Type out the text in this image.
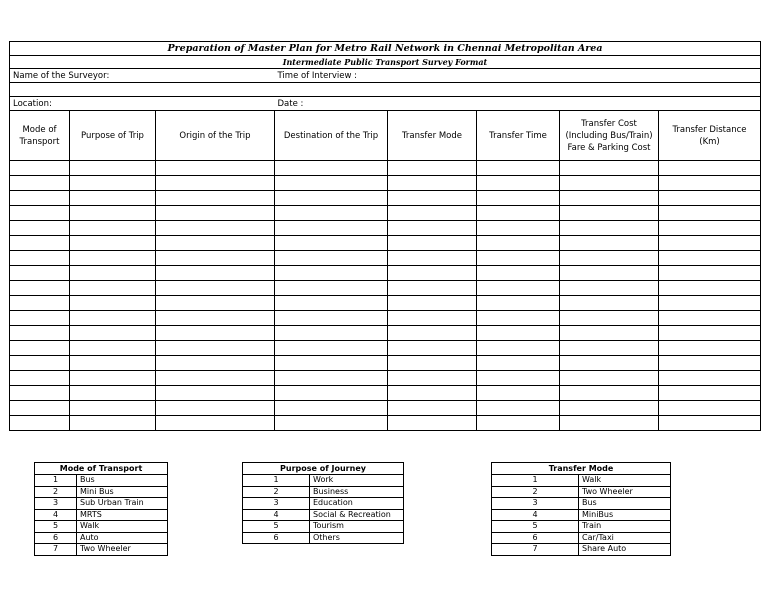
Preparation of Master Plan for Metro Rail Network in Chennai Metropolitan Area							
Intermediate Public Transport Survey Format							
Name of the Surveyor:			Time of Interview :				

Location:			Date :				
Mode of Transport	Purpose of Trip	Origin of the Trip	Destination of the Trip	Transfer Mode	Transfer Time	Transfer Cost (Including Bus/Train) Fare & Parking Cost	Transfer Distance (Km)

Mode of Transport	
1	Bus
2	Mini Bus
3	Sub Urban Train
4	MRTS
5	Walk
6	Auto
7	Two Wheeler
Purpose of Journey	
1	Work
2	Business
3	Education
4	Social & Recreation
5	Tourism
6	Others
Transfer Mode	
1	Walk
2	Two Wheeler
3	Bus
4	MiniBus
5	Train
6	Car/Taxi
7	Share Auto
